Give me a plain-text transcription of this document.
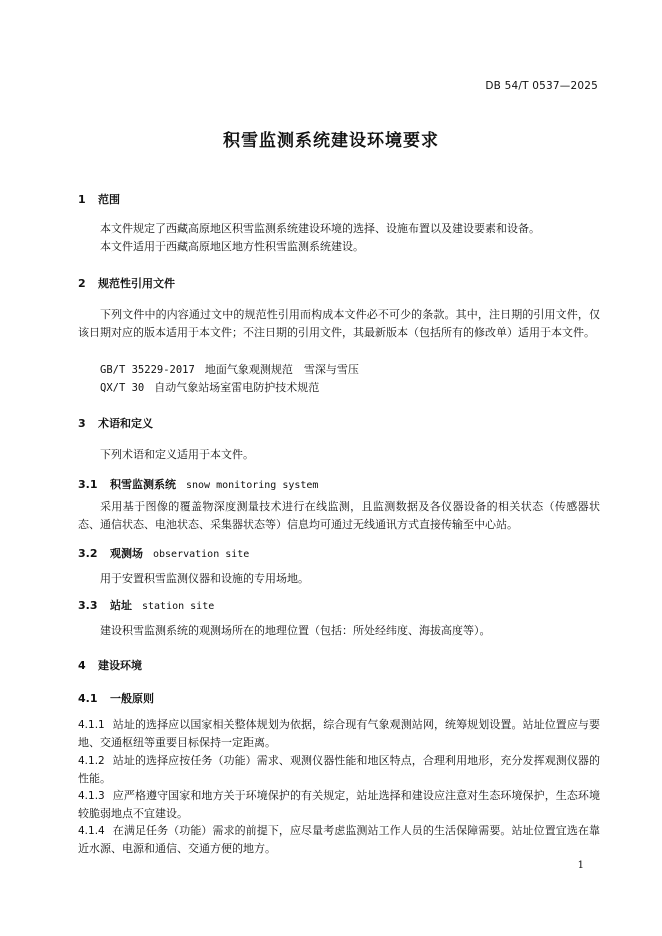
DB 54/T 0537—2025
积雪监测系统建设环境要求
1 范围
本文件规定了西藏高原地区积雪监测系统建设环境的选择、设施布置以及建设要素和设备。
本文件适用于西藏高原地区地方性积雪监测系统建设。
2 规范性引用文件
下列文件中的内容通过文中的规范性引用而构成本文件必不可少的条款。其中，注日期的引用文件，仅该日期对应的版本适用于本文件；不注日期的引用文件，其最新版本（包括所有的修改单）适用于本文件。
GB/T 35229-2017 地面气象观测规范　雪深与雪压
QX/T 30 自动气象站场室雷电防护技术规范
3 术语和定义
下列术语和定义适用于本文件。
3.1 积雪监测系统 snow monitoring system
采用基于图像的覆盖物深度测量技术进行在线监测，且监测数据及各仪器设备的相关状态（传感器状态、通信状态、电池状态、采集器状态等）信息均可通过无线通讯方式直接传输至中心站。
3.2 观测场 observation site
用于安置积雪监测仪器和设施的专用场地。
3.3 站址 station site
建设积雪监测系统的观测场所在的地理位置（包括：所处经纬度、海拔高度等）。
4 建设环境
4.1 一般原则
4.1.1 站址的选择应以国家相关整体规划为依据，综合现有气象观测站网，统筹规划设置。站址位置应与要地、交通枢纽等重要目标保持一定距离。
4.1.2 站址的选择应按任务（功能）需求、观测仪器性能和地区特点，合理利用地形，充分发挥观测仪器的性能。
4.1.3 应严格遵守国家和地方关于环境保护的有关规定，站址选择和建设应注意对生态环境保护，生态环境较脆弱地点不宜建设。
4.1.4 在满足任务（功能）需求的前提下，应尽量考虑监测站工作人员的生活保障需要。站址位置宜选在靠近水源、电源和通信、交通方便的地方。
1
